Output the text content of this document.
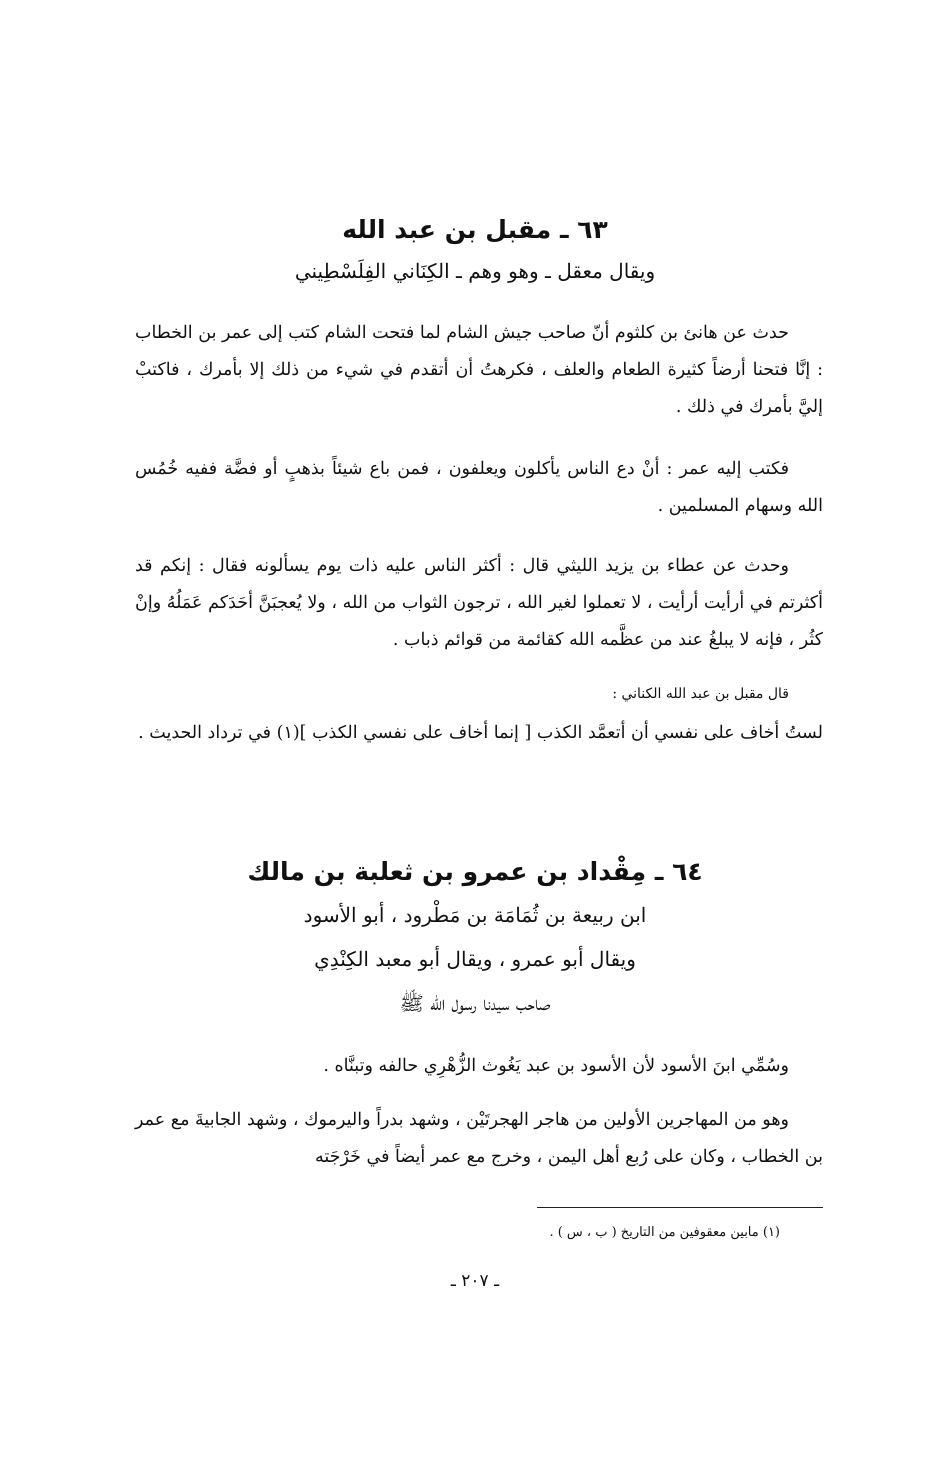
٦٣ ـ مقبل بن عبد الله
ويقال معقل ـ وهو وهم ـ الكِنَاني الفِلَسْطِيني
حدث عن هانئ بن كلثوم أنّ صاحب جيش الشام لما فتحت الشام كتب إلى عمر بن الخطاب : إنَّا فتحنا أرضاً كثيرة الطعام والعلف ، فكرهتُ أن أتقدم في شيء من ذلك إلا بأمرك ، فاكتبْ إليَّ بأمرك في ذلك .
فكتب إليه عمر : أنْ دع الناس يأكلون ويعلفون ، فمن باع شيئاً بذهبٍ أو فضَّة ففيه خُمُس الله وسهام المسلمين .
وحدث عن عطاء بن يزيد الليثي قال : أكثر الناس عليه ذات يوم يسألونه فقال : إنكم قد أكثرتم في أرأيت أرأيت ، لا تعملوا لغير الله ، ترجون الثواب من الله ، ولا يُعجبَنَّ أحَدَكم عَمَلُهُ وإنْ كثُر ، فإنه لا يبلغُ عند من عظَّمه الله كقائمة من قوائم ذباب .
قال مقبل بن عبد الله الكناني :
لستُ أخاف على نفسي أن أتعمَّد الكذب [ إنما أخاف على نفسي الكذب ](١) في ترداد الحديث .
٦٤ ـ مِقْداد بن عمرو بن ثعلبة بن مالك
ابن ربيعة بن ثُمَامَة بن مَطْرود ، أبو الأسود
ويقال أبو عمرو ، ويقال أبو معبد الكِنْدِي
صاحب سيدنا رسول الله ﷺ
وسُمِّي ابنَ الأسود لأن الأسود بن عبد يَغُوث الزُّهْرِي حالفه وتبنَّاه .
وهو من المهاجرين الأولين من هاجر الهجرتَيْن ، وشهد بدراً واليرموك ، وشهد الجابيةَ مع عمر بن الخطاب ، وكان على رُبع أهل اليمن ، وخرج مع عمر أيضاً في خَرْجَته
(١) مابين معقوفين من التاريخ ( ب ، س ) .
ـ ٢٠٧ ـ
